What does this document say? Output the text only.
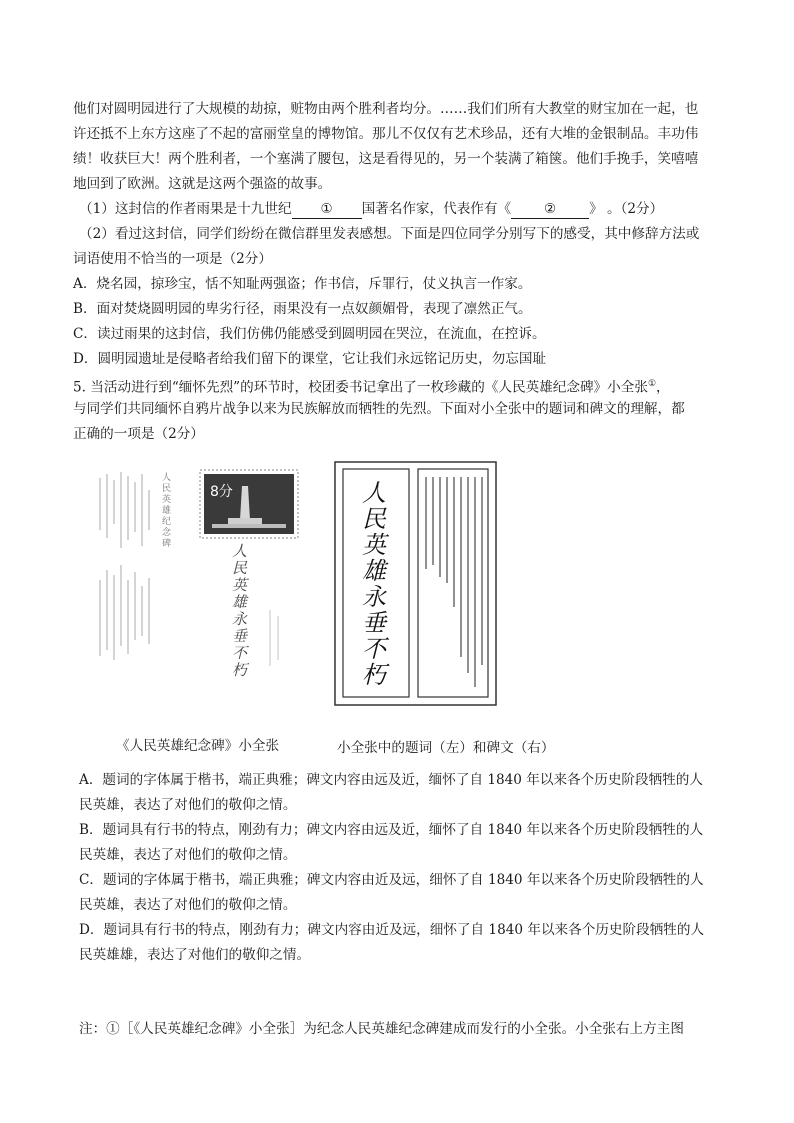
他们对圆明园进行了大规模的劫掠，赃物由两个胜利者均分。……我们们所有大教堂的财宝加在一起，也
许还抵不上东方这座了不起的富丽堂皇的博物馆。那儿不仅仅有艺术珍品，还有大堆的金银制品。丰功伟
绩！收获巨大！两个胜利者，一个塞满了腰包，这是看得见的，另一个装满了箱箧。他们手挽手，笑嘻嘻
地回到了欧洲。这就是这两个强盗的故事。
（1）这封信的作者雨果是十九世纪 ① 国著名作家，代表作有《 ② 》 。（2分）
（2）看过这封信，同学们纷纷在微信群里发表感想。下面是四位同学分别写下的感受，其中修辞方法或
词语使用不恰当的一项是（2分）
A．烧名园，掠珍宝，恬不知耻两强盗；作书信，斥罪行，仗义执言一作家。
B．面对焚烧圆明园的卑劣行径，雨果没有一点奴颜媚骨，表现了凛然正气。
C．读过雨果的这封信，我们仿佛仍能感受到圆明园在哭泣，在流血，在控诉。
D．圆明园遗址是侵略者给我们留下的课堂，它让我们永远铭记历史，勿忘国耻
5. 当活动进行到“缅怀先烈”的环节时，校团委书记拿出了一枚珍藏的《人民英雄纪念碑》小全张①，
与同学们共同缅怀自鸦片战争以来为民族解放而牺牲的先烈。下面对小全张中的题词和碑文的理解，都
正确的一项是（2分）
人
民
英
雄
纪
念
碑
8分
人
民
英
雄
永
垂
不
朽
人
民
英
雄
永
垂
不
朽
《人民英雄纪念碑》小全张	小全张中的题词（左）和碑文（右）
A．题词的字体属于楷书，端正典雅；碑文内容由远及近，缅怀了自 1840 年以来各个历史阶段牺牲的人
民英雄，表达了对他们的敬仰之情。
B．题词具有行书的特点，刚劲有力；碑文内容由远及近，缅怀了自 1840 年以来各个历史阶段牺牲的人
民英雄，表达了对他们的敬仰之情。
C．题词的字体属于楷书，端正典雅；碑文内容由近及远，细怀了自 1840 年以来各个历史阶段牺牲的人
民英雄，表达了对他们的敬仰之情。
D．题词具有行书的特点，刚劲有力；碑文内容由近及远，细怀了自 1840 年以来各个历史阶段牺牲的人
民英雄雄，表达了对他们的敬仰之情。
注：①［《人民英雄纪念碑》小全张］为纪念人民英雄纪念碑建成而发行的小全张。小全张右上方主图
